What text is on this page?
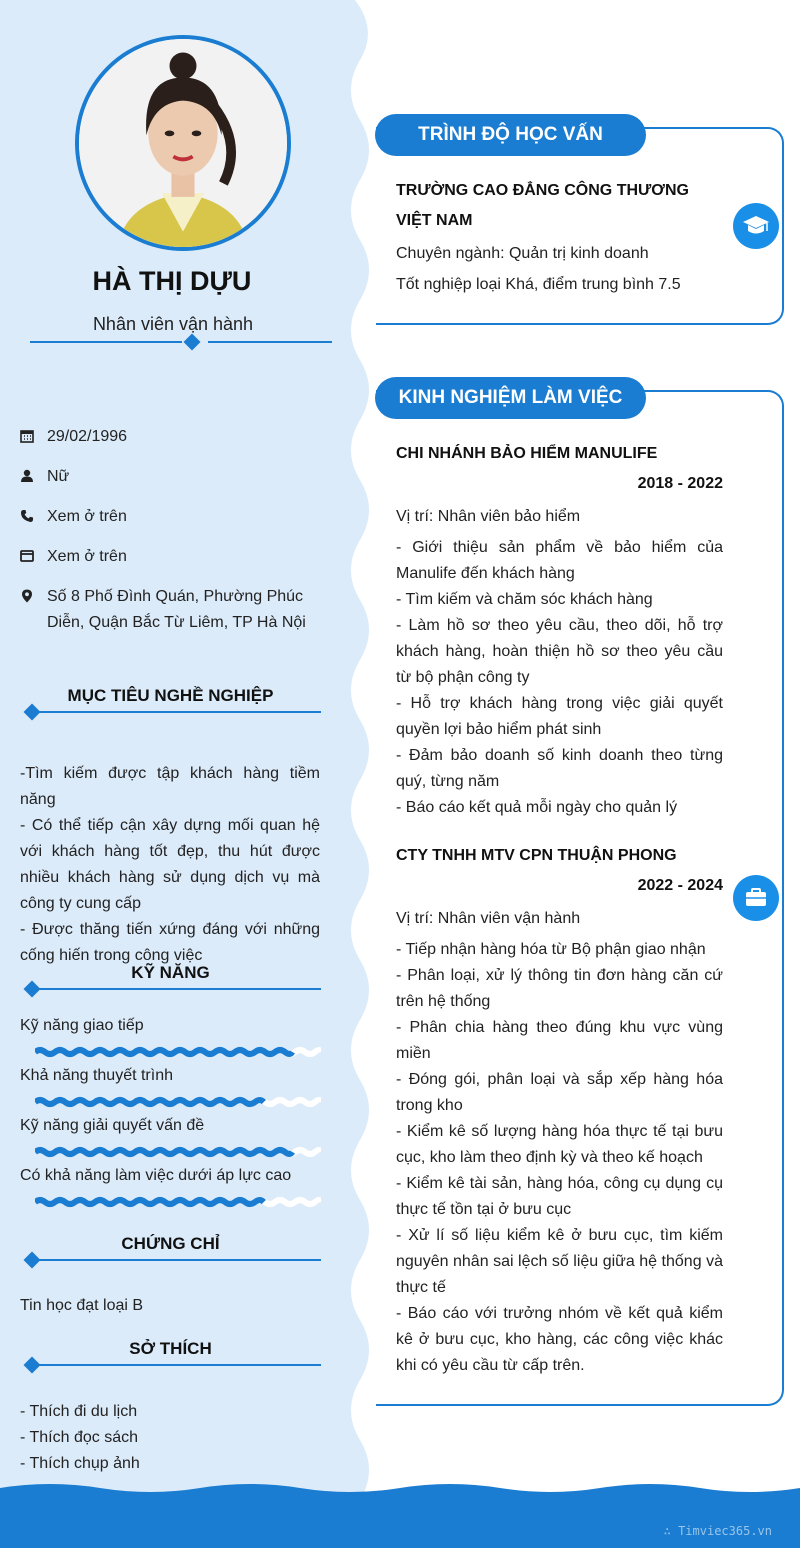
HÀ THỊ DỰU
Nhân viên vận hành
29/02/1996
Nữ
Xem ở trên
Xem ở trên
Số 8 Phố Đình Quán, Phường Phúc Diễn, Quận Bắc Từ Liêm, TP Hà Nội
MỤC TIÊU NGHỀ NGHIỆP

-Tìm kiếm được tập khách hàng tiềm năng

- Có thể tiếp cận xây dựng mối quan hệ với khách hàng tốt đẹp, thu hút được nhiều khách hàng sử dụng dịch vụ mà công ty cung cấp

- Được thăng tiến xứng đáng với những cống hiến trong công việc

KỸ NĂNG
Kỹ năng giao tiếp
Khả năng thuyết trình
Kỹ năng giải quyết vấn đề
Có khả năng làm việc dưới áp lực cao
CHỨNG CHỈ
Tin học đạt loại B
SỞ THÍCH

- Thích đi du lịch

- Thích đọc sách

- Thích chụp ảnh

TRÌNH ĐỘ HỌC VẤN
TRƯỜNG CAO ĐẲNG CÔNG THƯƠNG VIỆT NAM
Chuyên ngành: Quản trị kinh doanh
Tốt nghiệp loại Khá, điểm trung bình 7.5
KINH NGHIỆM LÀM VIỆC
CHI NHÁNH BẢO HIỂM MANULIFE
2018 - 2022
Vị trí: Nhân viên bảo hiểm

- Giới thiệu sản phẩm về bảo hiểm của Manulife đến khách hàng

- Tìm kiếm và chăm sóc khách hàng

- Làm hồ sơ theo yêu cầu, theo dõi, hỗ trợ khách hàng, hoàn thiện hồ sơ theo yêu cầu từ bộ phận công ty

- Hỗ trợ khách hàng trong việc giải quyết quyền lợi bảo hiểm phát sinh

- Đảm bảo doanh số kinh doanh theo từng quý, từng năm

- Báo cáo kết quả mỗi ngày cho quản lý

CTY TNHH MTV CPN THUẬN PHONG
2022 - 2024
Vị trí: Nhân viên vận hành

- Tiếp nhận hàng hóa từ Bộ phận giao nhận

- Phân loại, xử lý thông tin đơn hàng căn cứ trên hệ thống

- Phân chia hàng theo đúng khu vực vùng miền

- Đóng gói, phân loại và sắp xếp hàng hóa trong kho

- Kiểm kê số lượng hàng hóa thực tế tại bưu cục, kho làm theo định kỳ và theo kế hoạch

- Kiểm kê tài sản, hàng hóa, công cụ dụng cụ thực tế tồn tại ở bưu cục

- Xử lí số liệu kiểm kê ở bưu cục, tìm kiếm nguyên nhân sai lệch số liệu giữa hệ thống và thực tế

- Báo cáo với trưởng nhóm về kết quả kiểm kê ở bưu cục, kho hàng, các công việc khác khi có yêu cầu từ cấp trên.

∴ Timviec365.vn
